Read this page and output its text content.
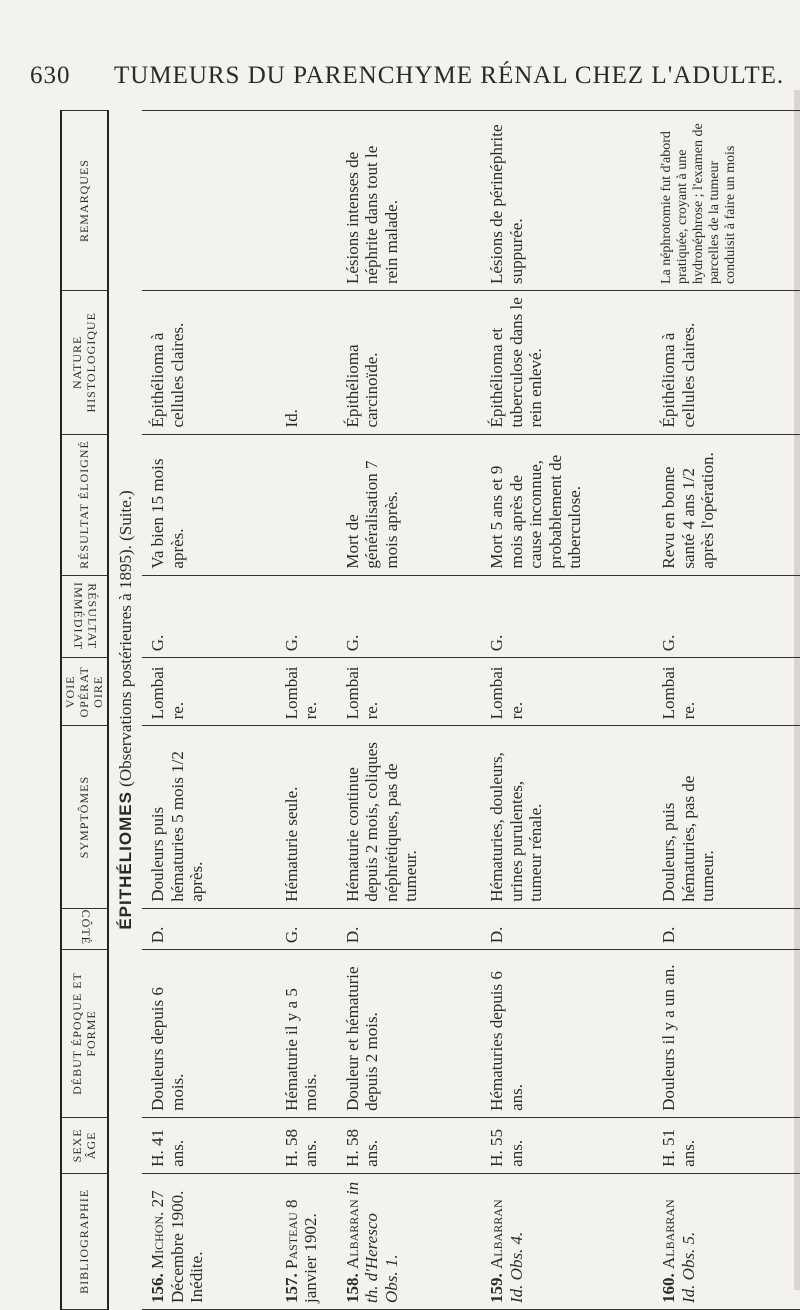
630 TUMEURS DU PARENCHYME RÉNAL CHEZ L'ADULTE.
BIBLIOGRAPHIE	SEXE ÂGE	DÉBUT ÉPOQUE ET FORME	CÔTÉ	SYMPTÔMES	VOIE OPÉRATOIRE	RÉSULTAT IMMÉDIAT	RÉSULTAT ÉLOIGNÉ	NATURE HISTOLOGIQUE	REMARQUES
ÉPITHÉLIOMES (Observations postérieures à 1895). (Suite.)									
156. Michon. 27 Décembre 1900. Inédite.	H. 41 ans.	Douleurs depuis 6 mois.	D.	Douleurs puis hématuries 5 mois 1/2 après.	Lombaire.	G.	Va bien 15 mois après.	Épithélioma à cellules claires.	
157. Pasteau 8 janvier 1902.	H. 58 ans.	Hématurie il y a 5 mois.	G.	Hématurie seule.	Lombaire.	G.		Id.	
158. Albarran in th. d'Herescо Obs. 1.	H. 58 ans.	Douleur et hématurie depuis 2 mois.	D.	Hématurie continue depuis 2 mois, coliques néphrétiques, pas de tumeur.	Lombaire.	G.	Mort de généralisation 7 mois après.	Épithélioma carcinoïde.	Lésions intenses de néphrite dans tout le rein malade.
159. Albarran Id. Obs. 4.	H. 55 ans.	Hématuries depuis 6 ans.	D.	Hématuries, douleurs, urines purulentes, tumeur rénale.	Lombaire.	G.	Mort 5 ans et 9 mois après de cause inconnue, probablement de tuberculose.	Épithélioma et tuberculose dans le rein enlevé.	Lésions de périnéphrite suppurée.
160. Albarran Id. Obs. 5.	H. 51 ans.	Douleurs il y a un an.	D.	Douleurs, puis hématuries, pas de tumeur.	Lombaire.	G.	Revu en bonne santé 4 ans 1/2 après l'opération.	Épithélioma à cellules claires.	La néphrotomie fut d'abord pratiquée, croyant à une hydronéphrose ; l'examen de parcelles de la tumeur conduisit à faire un mois
